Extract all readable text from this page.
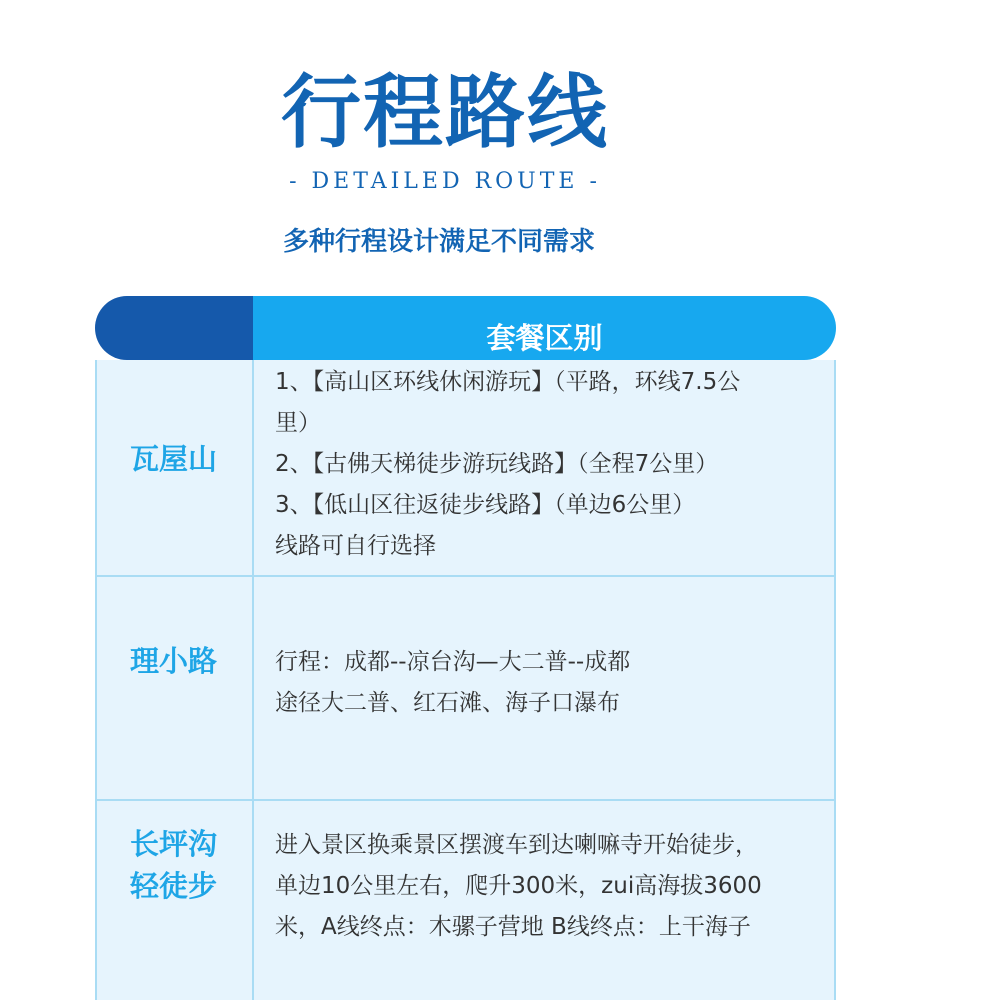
行程路线
- DETAILED ROUTE -
多种行程设计满足不同需求
套餐区别
瓦屋山
1、【高山区环线休闲游玩】（平路，环线7.5公
里）
2、【古佛天梯徒步游玩线路】（全程7公里）
3、【低山区往返徒步线路】（单边6公里）
线路可自行选择
理小路	行程：成都--凉台沟—大二普--成都
途径大二普、红石滩、海子口瀑布
长坪沟
轻徒步
进入景区换乘景区摆渡车到达喇嘛寺开始徒步，
单边10公里左右，爬升300米，zui高海拔3600
米，A线终点：木骡子营地 B线终点：上干海子
